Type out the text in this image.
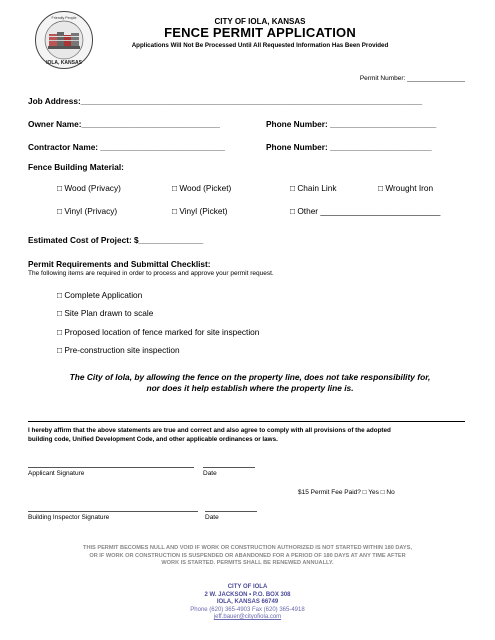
Friendly People
IOLA, KANSAS
CITY OF IOLA, KANSAS
FENCE PERMIT APPLICATION
Applications Will Not Be Processed Until All Requested Information Has Been Provided
Permit Number: ________________
Job Address:__________________________________________________________________________
Owner Name:______________________________	Phone Number: _______________________
Contractor Name: ___________________________	Phone Number: ______________________
Fence Building Material:
□ Wood (Privacy)	□ Wood (Picket)	□ Chain Link	□ Wrought Iron
□ Vinyl (Privacy)	□ Vinyl (Picket)	□ Other __________________________
Estimated Cost of Project: $______________
Permit Requirements and Submittal Checklist:
The following items are required in order to process and approve your permit request.
□ Complete Application
□ Site Plan drawn to scale
□ Proposed location of fence marked for site inspection
□ Pre-construction site inspection
The City of Iola, by allowing the fence on the property line, does not take responsibility for,
nor does it help establish where the property line is.
I hereby affirm that the above statements are true and correct and also agree to comply with all provisions of the adopted
building code, Unified Development Code, and other applicable ordinances or laws.
Applicant Signature	Date
$15 Permit Fee Paid? □ Yes □ No
Building Inspector Signature	Date
THIS PERMIT BECOMES NULL AND VOID IF WORK OR CONSTRUCTION AUTHORIZED IS NOT STARTED WITHIN 180 DAYS,
OR IF WORK OR CONSTRUCTION IS SUSPENDED OR ABANDONED FOR A PERIOD OF 180 DAYS AT ANY TIME AFTER
WORK IS STARTED. PERMITS SHALL BE RENEWED ANNUALLY.
CITY OF IOLA
2 W. JACKSON • P.O. BOX 308
IOLA, KANSAS 66749
Phone (620) 365-4903 Fax (620) 365-4918
jeff.bauer@cityofiola.com
